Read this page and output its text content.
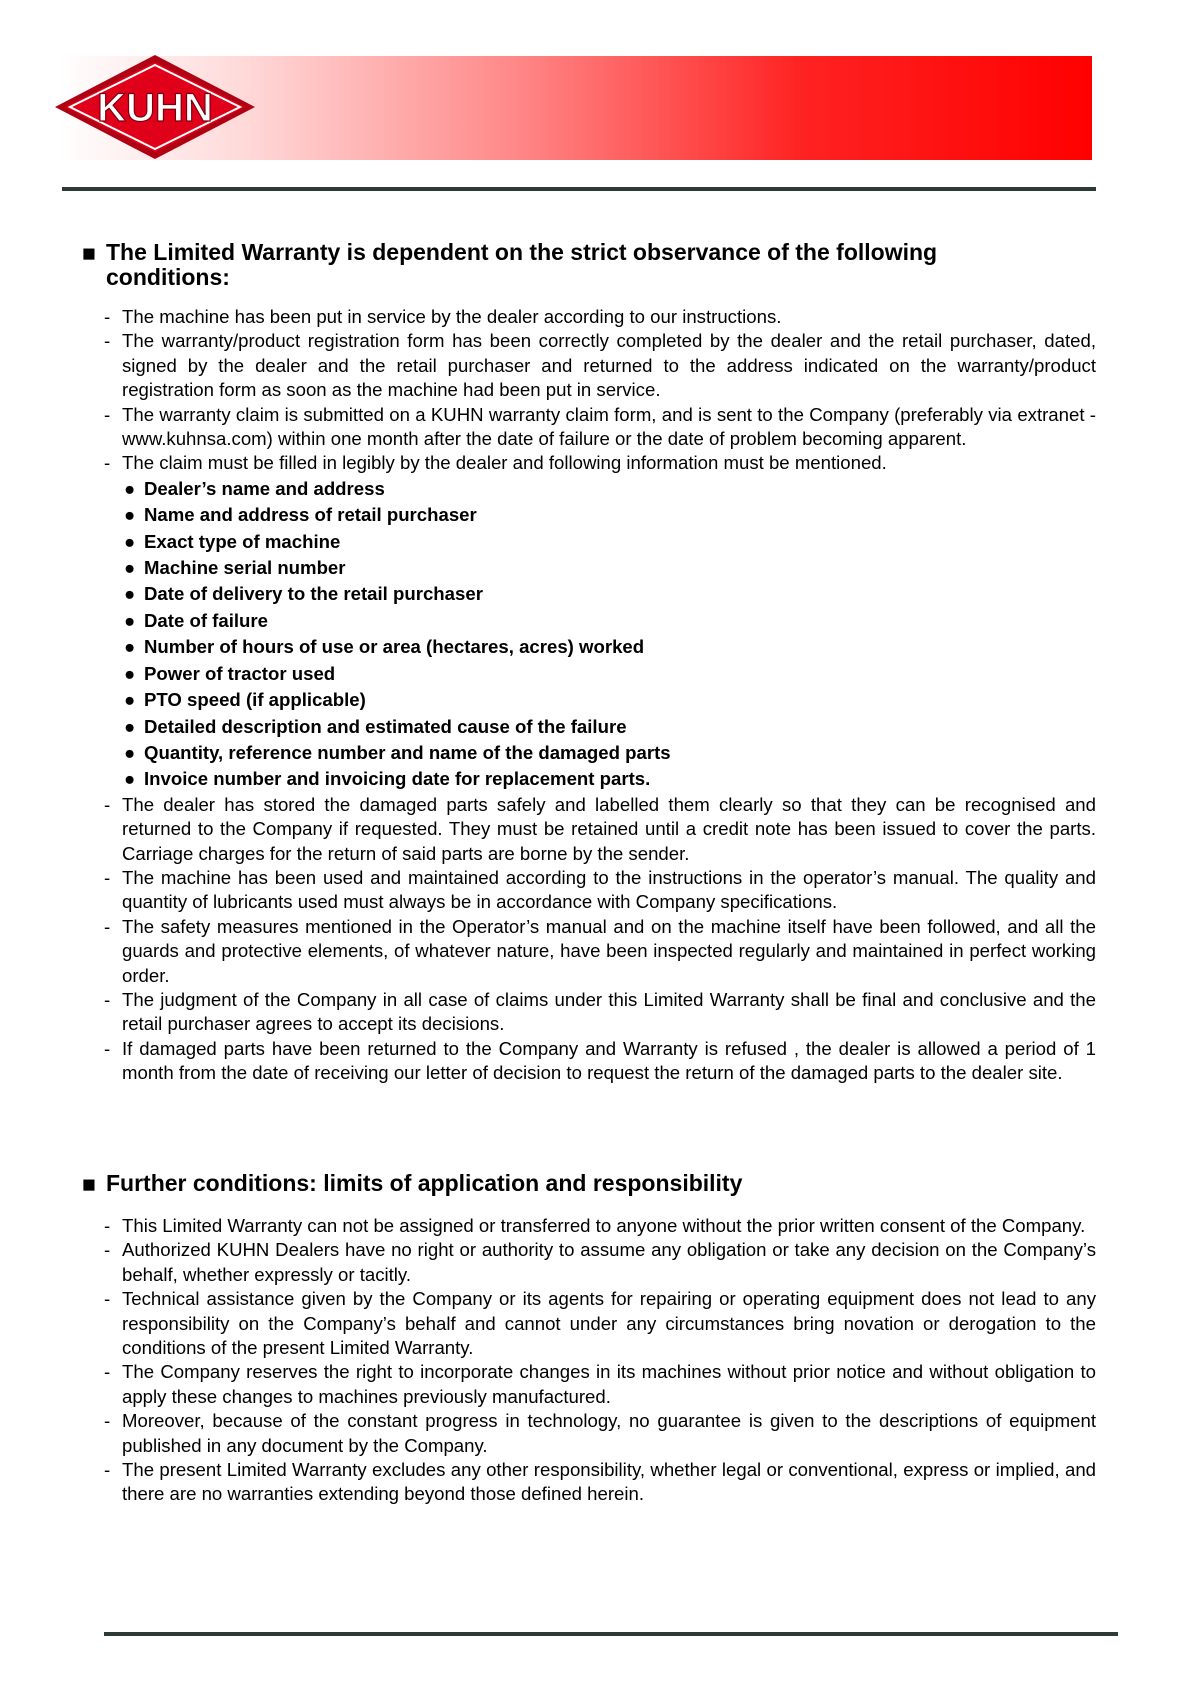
KUHN
■ The Limited Warranty is dependent on the strict observance of the following conditions:
- The machine has been put in service by the dealer according to our instructions.
- The warranty/product registration form has been correctly completed by the dealer and the retail purchaser, dated, signed by the dealer and the retail purchaser and returned to the address indicated on the warranty/product registration form as soon as the machine had been put in service.
- The warranty claim is submitted on a KUHN warranty claim form, and is sent to the Company (preferably via extranet - www.kuhnsa.com) within one month after the date of failure or the date of problem becoming apparent.
- The claim must be filled in legibly by the dealer and following information must be mentioned.
● Dealer’s name and address
● Name and address of retail purchaser
● Exact type of machine
● Machine serial number
● Date of delivery to the retail purchaser
● Date of failure
● Number of hours of use or area (hectares, acres) worked
● Power of tractor used
● PTO speed (if applicable)
● Detailed description and estimated cause of the failure
● Quantity, reference number and name of the damaged parts
● Invoice number and invoicing date for replacement parts.
- The dealer has stored the damaged parts safely and labelled them clearly so that they can be recognised and returned to the Company if requested. They must be retained until a credit note has been issued to cover the parts. Carriage charges for the return of said parts are borne by the sender.
- The machine has been used and maintained according to the instructions in the operator’s manual. The quality and quantity of lubricants used must always be in accordance with Company specifications.
- The safety measures mentioned in the Operator’s manual and on the machine itself have been followed, and all the guards and protective elements, of whatever nature, have been inspected regularly and maintained in perfect working order.
- The judgment of the Company in all case of claims under this Limited Warranty shall be final and conclusive and the retail purchaser agrees to accept its decisions.
- If damaged parts have been returned to the Company and Warranty is refused , the dealer is allowed a period of 1 month from the date of receiving our letter of decision to request the return of the damaged parts to the dealer site.
■ Further conditions: limits of application and responsibility
- This Limited Warranty can not be assigned or transferred to anyone without the prior written consent of the Company.
- Authorized KUHN Dealers have no right or authority to assume any obligation or take any decision on the Company’s behalf, whether expressly or tacitly.
- Technical assistance given by the Company or its agents for repairing or operating equipment does not lead to any responsibility on the Company’s behalf and cannot under any circumstances bring novation or derogation to the conditions of the present Limited Warranty.
- The Company reserves the right to incorporate changes in its machines without prior notice and without obligation to apply these changes to machines previously manufactured.
- Moreover, because of the constant progress in technology, no guarantee is given to the descriptions of equipment published in any document by the Company.
- The present Limited Warranty excludes any other responsibility, whether legal or conventional, express or implied, and there are no warranties extending beyond those defined herein.
